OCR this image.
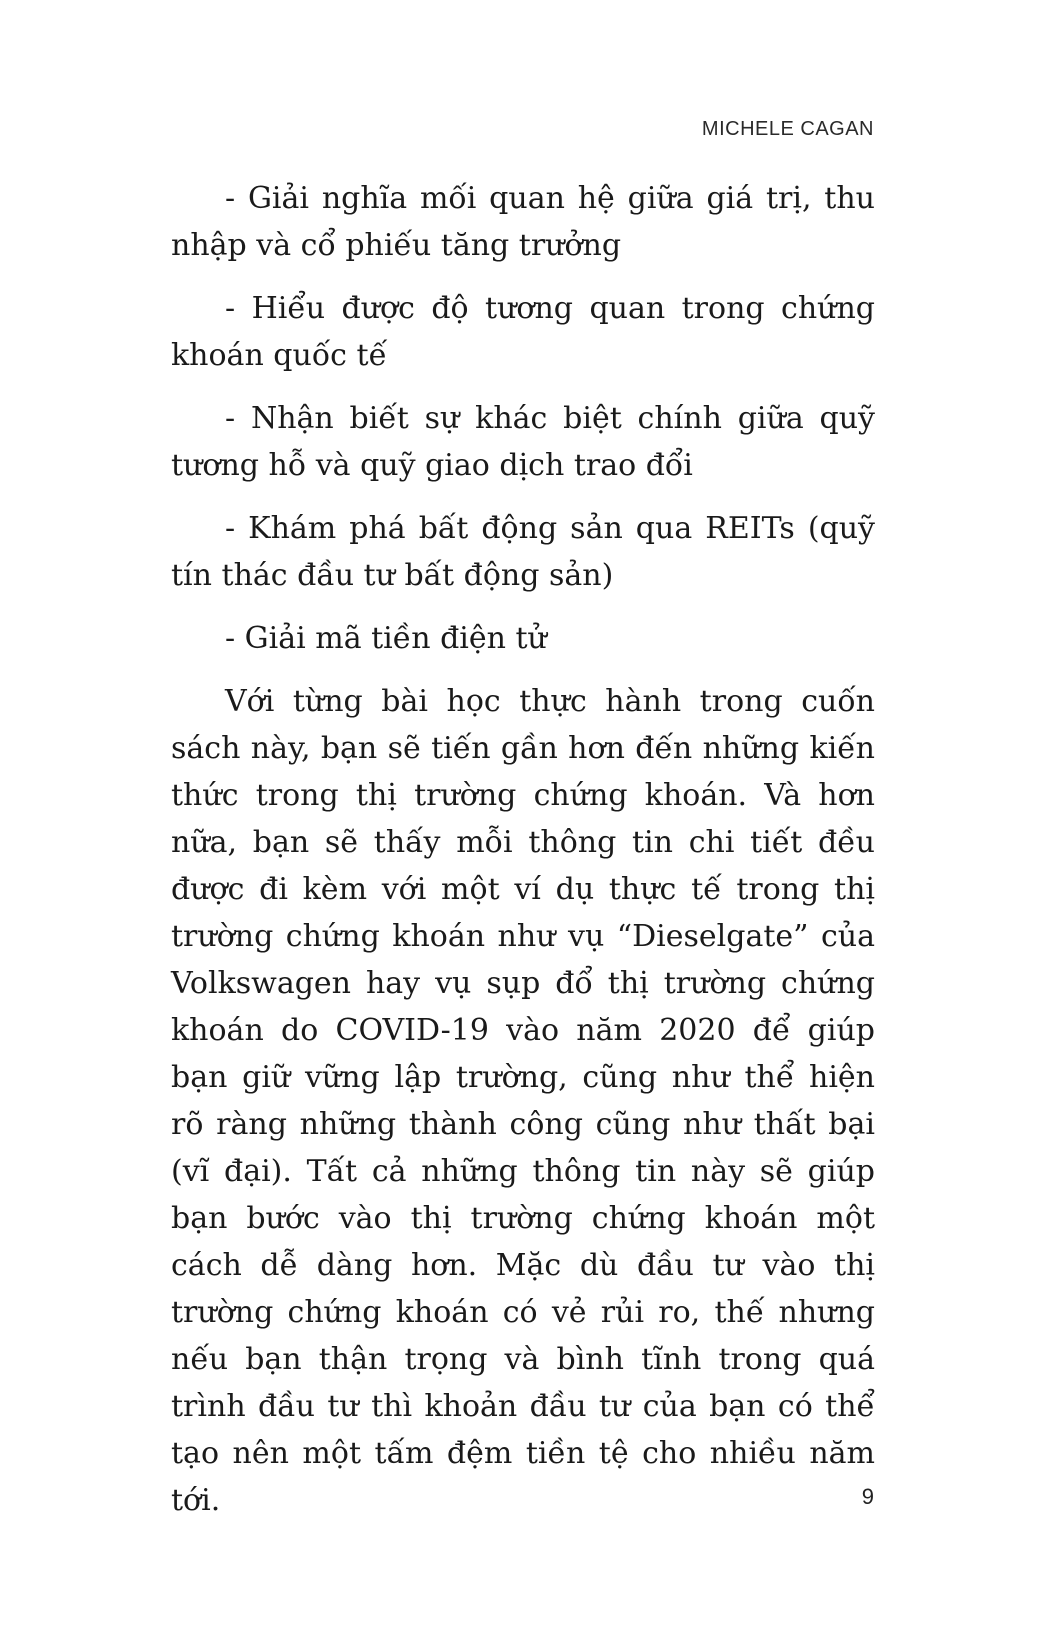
MICHELE CAGAN

- Giải nghĩa mối quan hệ giữa giá trị, thu nhập và cổ phiếu tăng trưởng

- Hiểu được độ tương quan trong chứng khoán quốc tế

- Nhận biết sự khác biệt chính giữa quỹ tương hỗ và quỹ giao dịch trao đổi

- Khám phá bất động sản qua REITs (quỹ tín thác đầu tư bất động sản)

- Giải mã tiền điện tử

Với từng bài học thực hành trong cuốn sách này, bạn sẽ tiến gần hơn đến những kiến thức trong thị trường chứng khoán. Và hơn nữa, bạn sẽ thấy mỗi thông tin chi tiết đều được đi kèm với một ví dụ thực tế trong thị trường chứng khoán như vụ “Dieselgate” của Volkswagen hay vụ sụp đổ thị trường chứng khoán do COVID-19 vào năm 2020 để giúp bạn giữ vững lập trường, cũng như thể hiện rõ ràng những thành công cũng như thất bại (vĩ đại). Tất cả những thông tin này sẽ giúp bạn bước vào thị trường chứng khoán một cách dễ dàng hơn. Mặc dù đầu tư vào thị trường chứng khoán có vẻ rủi ro, thế nhưng nếu bạn thận trọng và bình tĩnh trong quá trình đầu tư thì khoản đầu tư của bạn có thể tạo nên một tấm đệm tiền tệ cho nhiều năm tới.	9
